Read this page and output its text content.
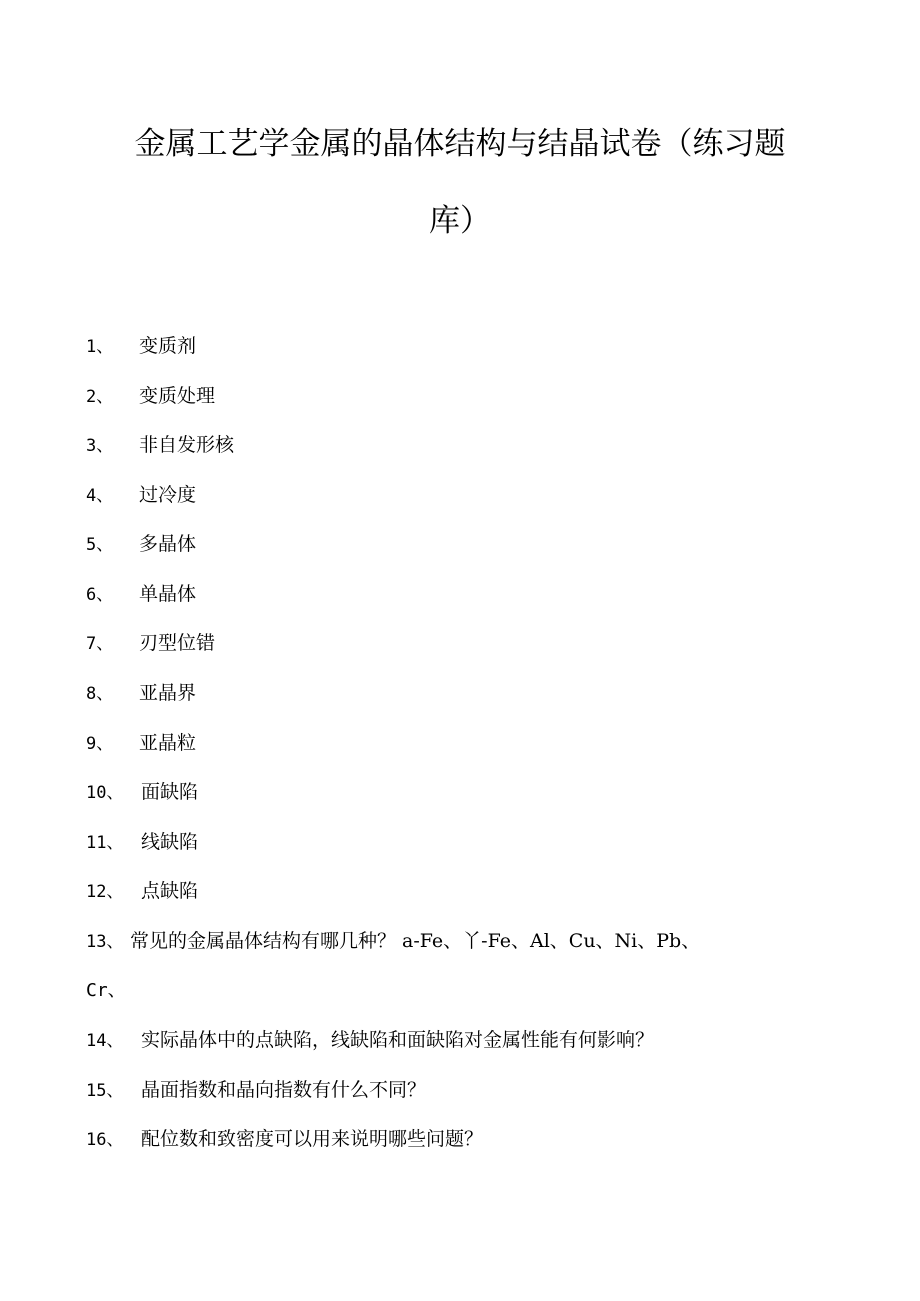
金属工艺学金属的晶体结构与结晶试卷（练习题
库）
1、 变质剂
2、 变质处理
3、 非自发形核
4、 过冷度
5、 多晶体
6、 单晶体
7、 刃型位错
8、 亚晶界
9、 亚晶粒
10、 面缺陷
11、 线缺陷
12、 点缺陷
13、 常见的金属晶体结构有哪几种？ a-Fe、丫-Fe、Al、Cu、Ni、Pb、
Cr、
14、 实际晶体中的点缺陷，线缺陷和面缺陷对金属性能有何影响？
15、 晶面指数和晶向指数有什么不同？
16、 配位数和致密度可以用来说明哪些问题？
